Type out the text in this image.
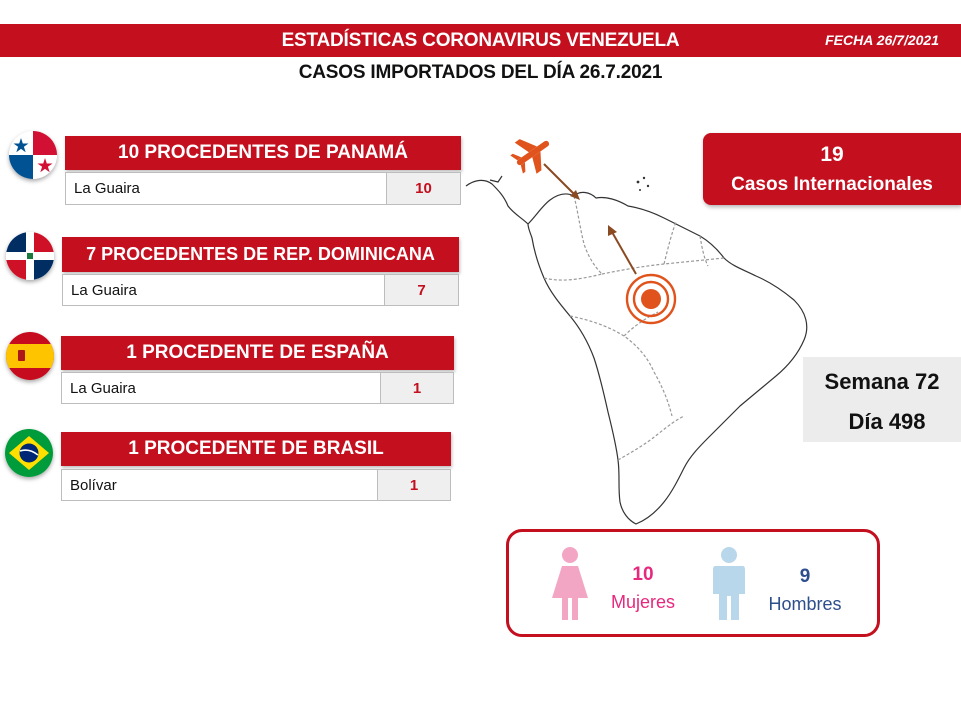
ESTADÍSTICAS CORONAVIRUS VENEZUELA	FECHA 26/7/2021
CASOS IMPORTADOS DEL DÍA 26.7.2021
10 PROCEDENTES DE PANAMÁ
La Guaira	10
7 PROCEDENTES DE REP. DOMINICANA
La Guaira	7
1 PROCEDENTE DE ESPAÑA
La Guaira	1
1 PROCEDENTE DE BRASIL
Bolívar	1
19
Casos Internacionales
Semana 72
Día 498
10
Mujeres
9
Hombres
